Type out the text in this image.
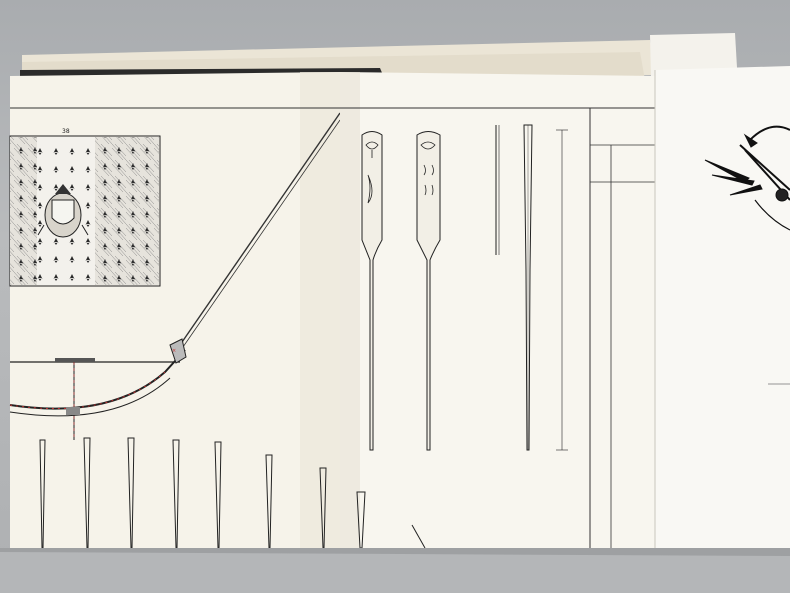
38
×
